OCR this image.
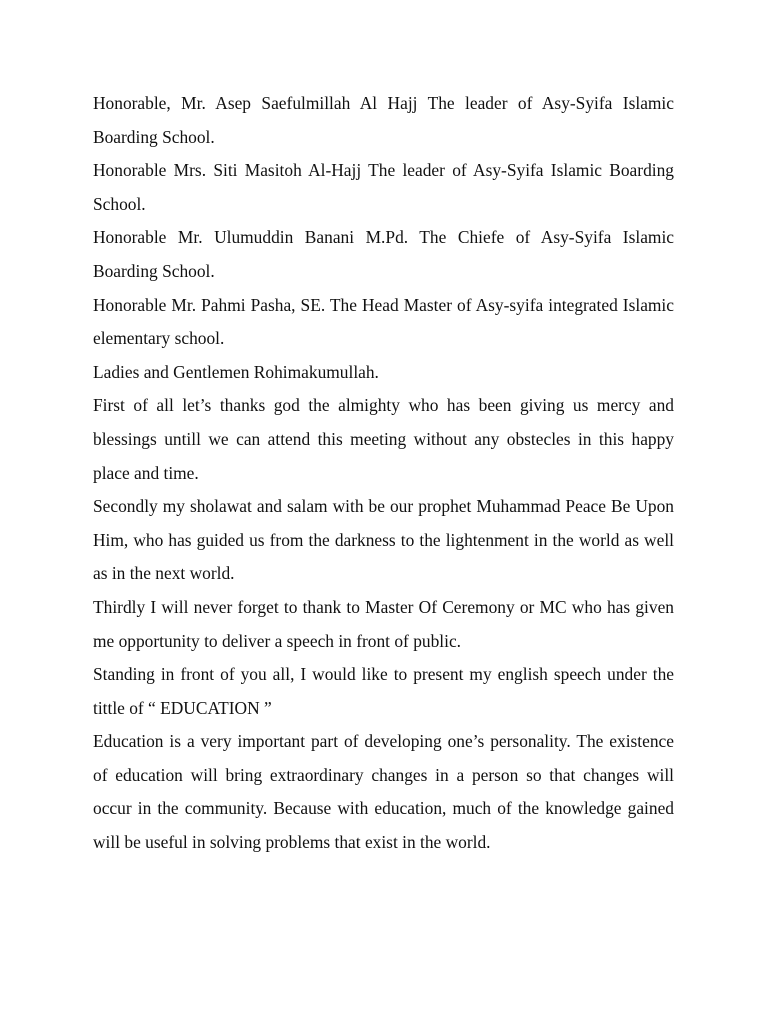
Honorable, Mr. Asep Saefulmillah Al Hajj The leader of Asy-Syifa Islamic Boarding School.

Honorable Mrs. Siti Masitoh Al-Hajj The leader of Asy-Syifa Islamic Boarding School.

Honorable Mr. Ulumuddin Banani M.Pd. The Chiefe of Asy-Syifa Islamic Boarding School.

Honorable Mr. Pahmi Pasha, SE. The Head Master of Asy-syifa integrated Islamic elementary school.

Ladies and Gentlemen Rohimakumullah.

First of all let’s thanks god the almighty who has been giving us mercy and blessings untill we can attend this meeting without any obstecles in this happy place and time.

Secondly my sholawat and salam with be our prophet Muhammad Peace Be Upon Him, who has guided us from the darkness to the lightenment in the world as well as in the next world.

Thirdly I will never forget to thank to Master Of Ceremony or MC who has given me opportunity to deliver a speech in front of public.

Standing in front of you all, I would like to present my english speech under the tittle of “ EDUCATION ”

Education is a very important part of developing one’s personality. The existence of education will bring extraordinary changes in a person so that changes will occur in the community. Because with education, much of the knowledge gained will be useful in solving problems that exist in the world.
